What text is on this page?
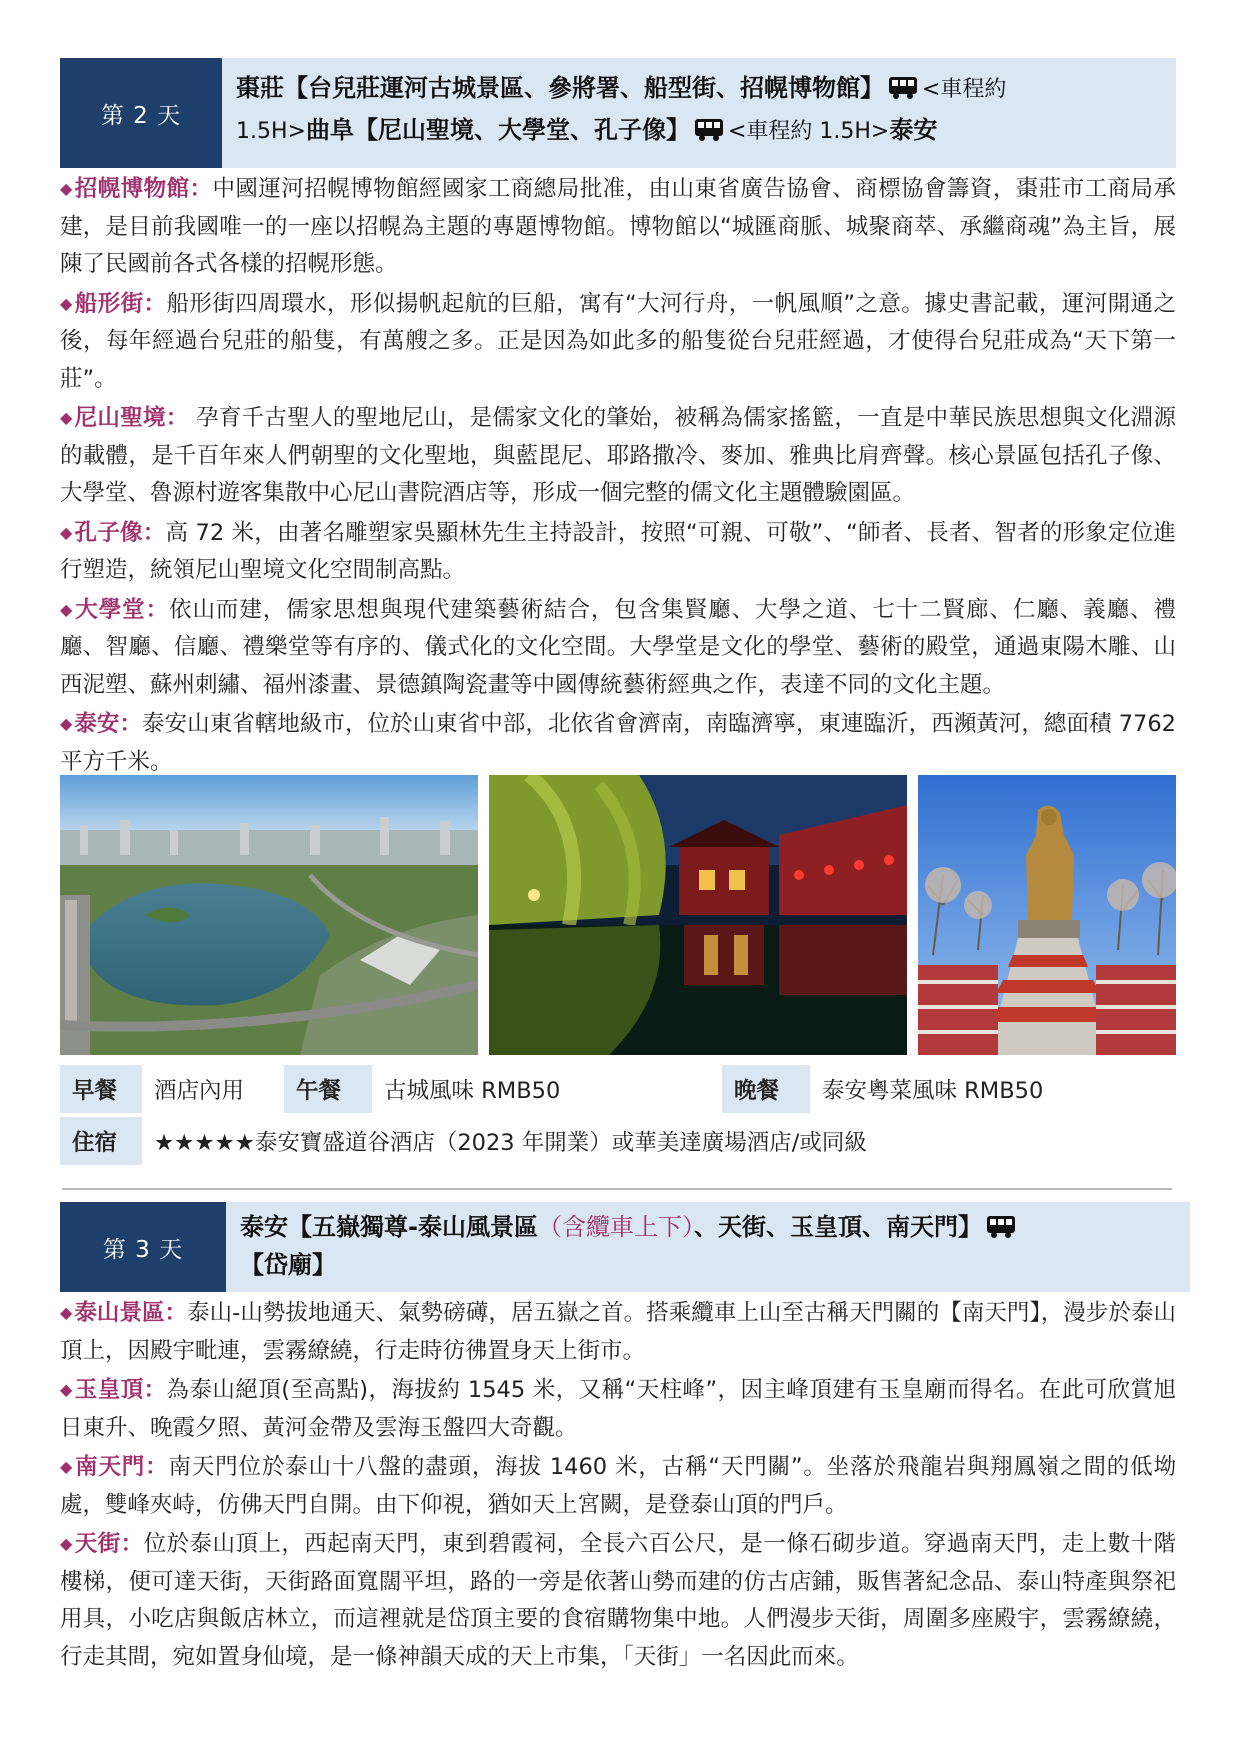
第 2 天
棗莊【台兒莊運河古城景區、參將署、船型街、招幌博物館】 <車程約
1.5H>曲阜【尼山聖境、大學堂、孔子像】 <車程約 1.5H>泰安

◆招幌博物館：中國運河招幌博物館經國家工商總局批准，由山東省廣告協會、商標協會籌資，棗莊市工商局承建，是目前我國唯一的一座以招幌為主題的專題博物館。博物館以“城匯商脈、城聚商萃、承繼商魂”為主旨，展陳了民國前各式各樣的招幌形態。

◆船形街：船形街四周環水，形似揚帆起航的巨船，寓有“大河行舟，一帆風順”之意。據史書記載，運河開通之後，每年經過台兒莊的船隻，有萬艘之多。正是因為如此多的船隻從台兒莊經過，才使得台兒莊成為“天下第一莊”。

◆尼山聖境： 孕育千古聖人的聖地尼山，是儒家文化的肇始，被稱為儒家搖籃，一直是中華民族思想與文化淵源的載體，是千百年來人們朝聖的文化聖地，與藍毘尼、耶路撒冷、麥加、雅典比肩齊聲。核心景區包括孔子像、大學堂、魯源村遊客集散中心尼山書院酒店等，形成一個完整的儒文化主題體驗園區。

◆孔子像：高 72 米，由著名雕塑家吳顯林先生主持設計，按照“可親、可敬”、“師者、長者、智者的形象定位進行塑造，統領尼山聖境文化空間制高點。

◆大學堂：依山而建，儒家思想與現代建築藝術結合，包含集賢廳、大學之道、七十二賢廊、仁廳、義廳、禮廳、智廳、信廳、禮樂堂等有序的、儀式化的文化空間。大學堂是文化的學堂、藝術的殿堂，通過東陽木雕、山西泥塑、蘇州刺繡、福州漆畫、景德鎮陶瓷畫等中國傳統藝術經典之作，表達不同的文化主題。

◆泰安：泰安山東省轄地級市，位於山東省中部，北依省會濟南，南臨濟寧，東連臨沂，西瀕黃河，總面積 7762 平方千米。

早餐	酒店內用	午餐	古城風味 RMB50	晚餐	泰安粵菜風味 RMB50
住宿	★★★★★泰安寶盛道谷酒店（2023 年開業）或華美達廣場酒店/或同級
第 3 天
泰安【五嶽獨尊-泰山風景區（含纜車上下）、天街、玉皇頂、南天門】
【岱廟】

◆泰山景區：泰山-山勢拔地通天、氣勢磅礡，居五嶽之首。搭乘纜車上山至古稱天門關的【南天門】，漫步於泰山頂上，因殿宇毗連，雲霧繚繞，行走時彷彿置身天上街市。

◆玉皇頂：為泰山絕頂(至高點)，海拔約 1545 米，又稱“天柱峰”，因主峰頂建有玉皇廟而得名。在此可欣賞旭日東升、晚霞夕照、黃河金帶及雲海玉盤四大奇觀。

◆南天門：南天門位於泰山十八盤的盡頭，海拔 1460 米，古稱“天門關”。坐落於飛龍岩與翔鳳嶺之間的低坳處，雙峰夾峙，仿佛天門自開。由下仰視，猶如天上宮闕，是登泰山頂的門戶。

◆天街：位於泰山頂上，西起南天門，東到碧霞祠，全長六百公尺，是一條石砌步道。穿過南天門，走上數十階樓梯，便可達天街，天街路面寬闊平坦，路的一旁是依著山勢而建的仿古店鋪，販售著紀念品、泰山特產與祭祀用具，小吃店與飯店林立，而這裡就是岱頂主要的食宿購物集中地。人們漫步天街，周圍多座殿宇，雲霧繚繞，行走其間，宛如置身仙境，是一條神韻天成的天上市集，「天街」一名因此而來。
